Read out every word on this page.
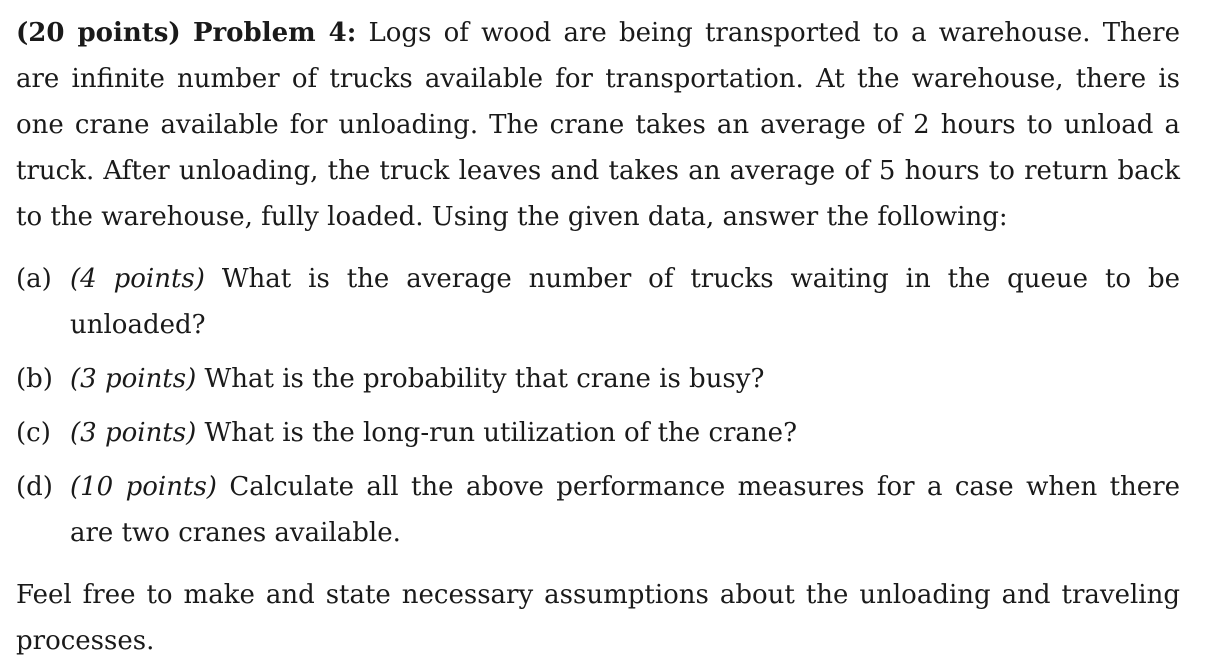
(20 points) Problem 4: Logs of wood are being transported to a warehouse. There are infinite number of trucks available for transportation. At the warehouse, there is one crane available for unloading. The crane takes an average of 2 hours to unload a truck. After unloading, the truck leaves and takes an average of 5 hours to return back to the warehouse, fully loaded. Using the given data, answer the following:

(a) (4 points) What is the average number of trucks waiting in the queue to be unloaded?
(b) (3 points) What is the probability that crane is busy?
(c) (3 points) What is the long-run utilization of the crane?
(d) (10 points) Calculate all the above performance measures for a case when there are two cranes available.

Feel free to make and state necessary assumptions about the unloading and traveling processes.
